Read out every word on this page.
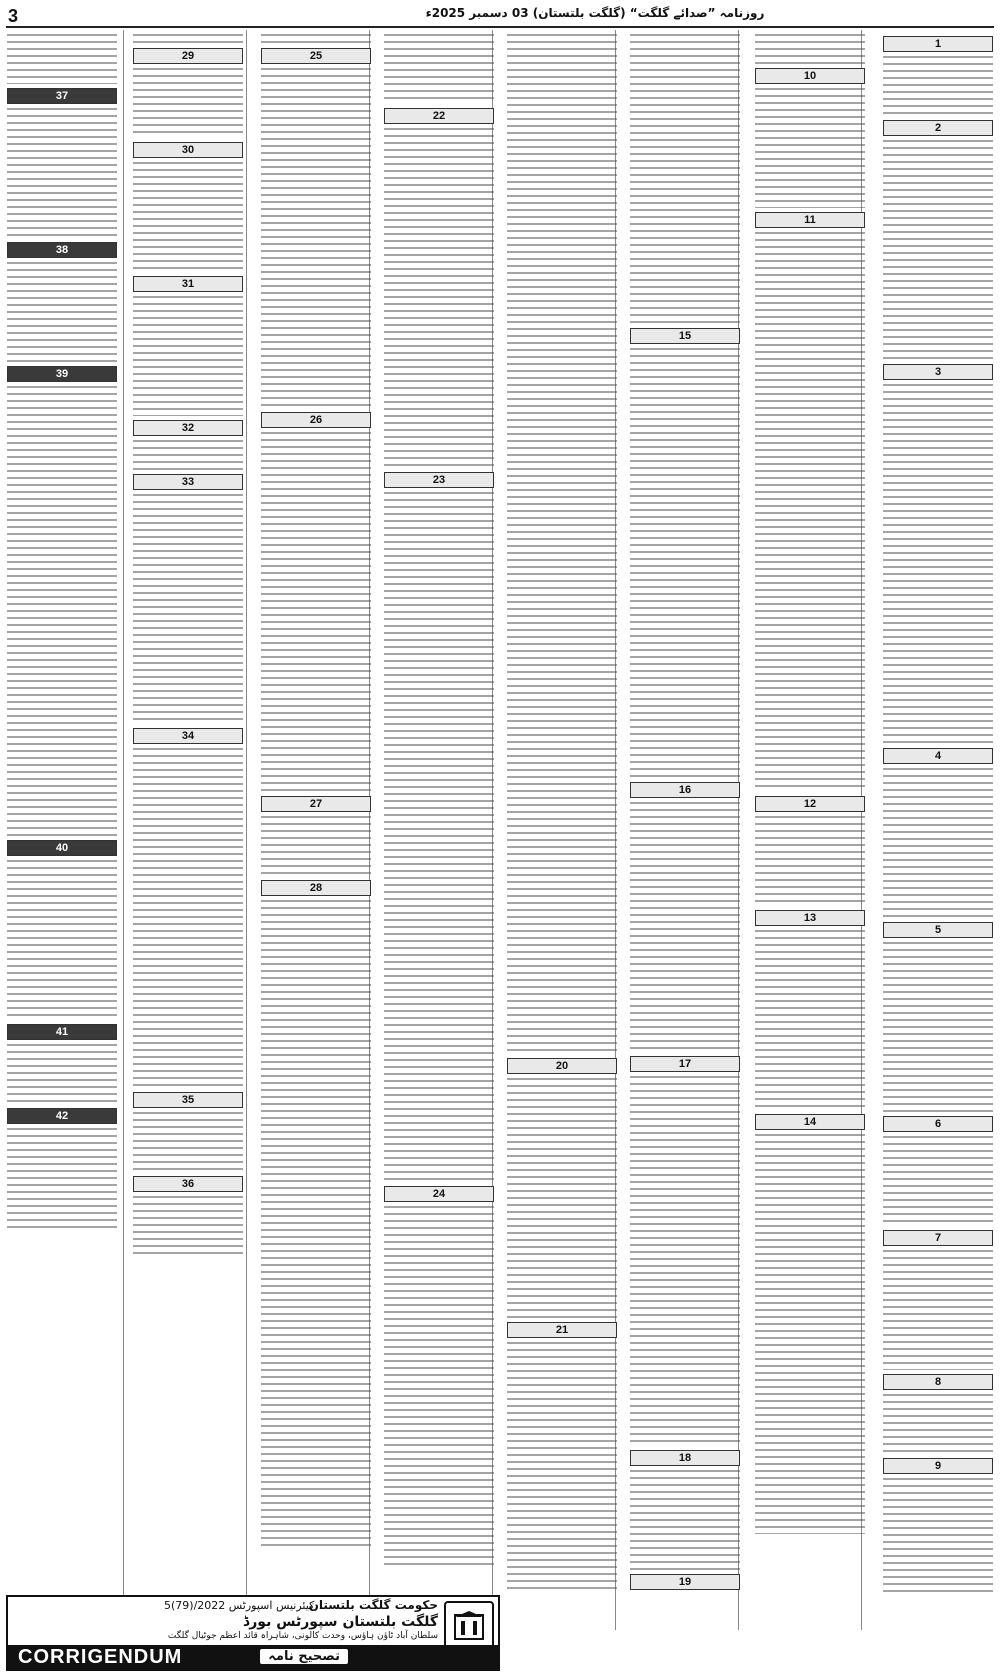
3	روزنامہ ”صدائے گلگت“ (گلگت بلتستان) 03 دسمبر 2025ء
1
2
3
4
5
6
7
8
9
10
11
12
13
14
15
16
17
18
19
20
21
22
23
24
25
26
27
28
29
30
31
32
33
34
35
36
37
38
39
40
41
42
5(79)/2022 ۔ کیئرنیس اسپورٹس
حکومت گلگت بلتستان
گلگت بلتستان سپورٹس بورڈ
سلطان آباد ٹاؤن ہاؤس، وحدت کالونی، شاہراہ قائد اعظم جوٹیال گلگت
CORRIGENDUM	تصحیح نامہ
